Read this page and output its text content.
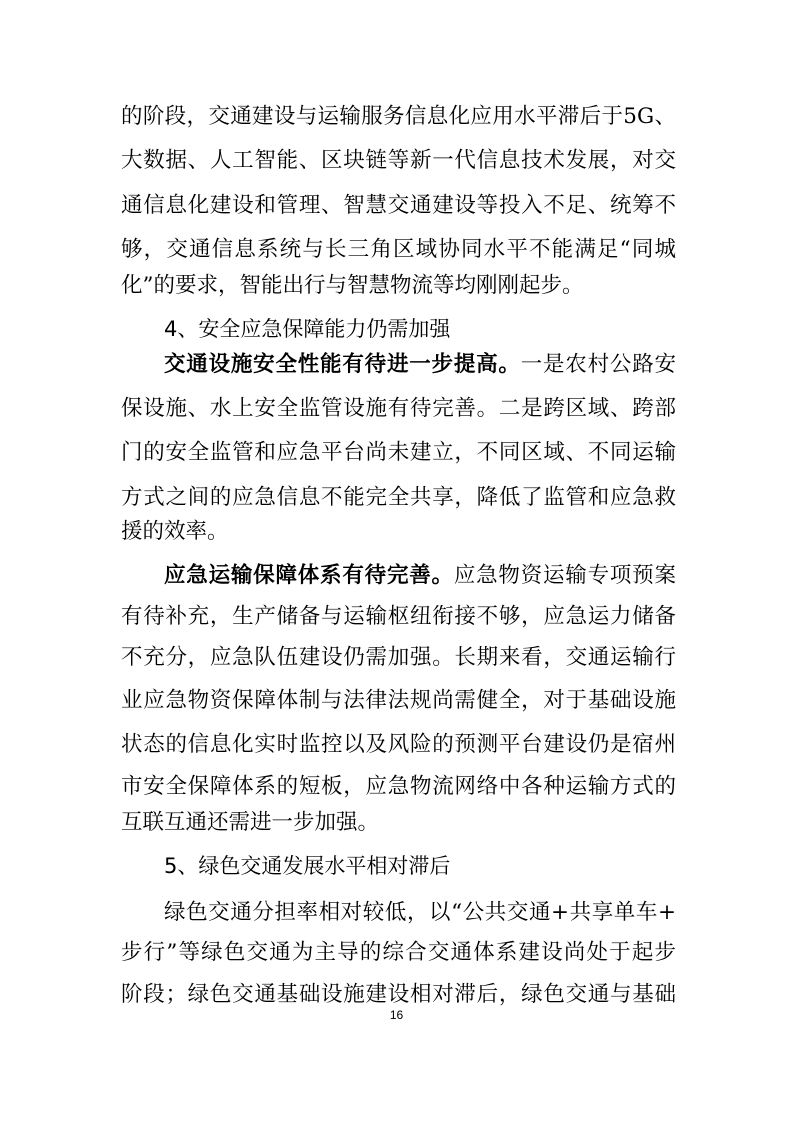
的阶段，交通建设与运输服务信息化应用水平滞后于5G、
大数据、人工智能、区块链等新一代信息技术发展，对交
通信息化建设和管理、智慧交通建设等投入不足、统筹不
够，交通信息系统与长三角区域协同水平不能满足“同城
化”的要求，智能出行与智慧物流等均刚刚起步。
4、安全应急保障能力仍需加强
交通设施安全性能有待进一步提高。一是农村公路安
保设施、水上安全监管设施有待完善。二是跨区域、跨部
门的安全监管和应急平台尚未建立，不同区域、不同运输
方式之间的应急信息不能完全共享，降低了监管和应急救
援的效率。
应急运输保障体系有待完善。应急物资运输专项预案
有待补充，生产储备与运输枢纽衔接不够，应急运力储备
不充分，应急队伍建设仍需加强。长期来看，交通运输行
业应急物资保障体制与法律法规尚需健全，对于基础设施
状态的信息化实时监控以及风险的预测平台建设仍是宿州
市安全保障体系的短板，应急物流网络中各种运输方式的
互联互通还需进一步加强。
5、绿色交通发展水平相对滞后
绿色交通分担率相对较低，以“公共交通+共享单车+
步行”等绿色交通为主导的综合交通体系建设尚处于起步
阶段；绿色交通基础设施建设相对滞后，绿色交通与基础
16
